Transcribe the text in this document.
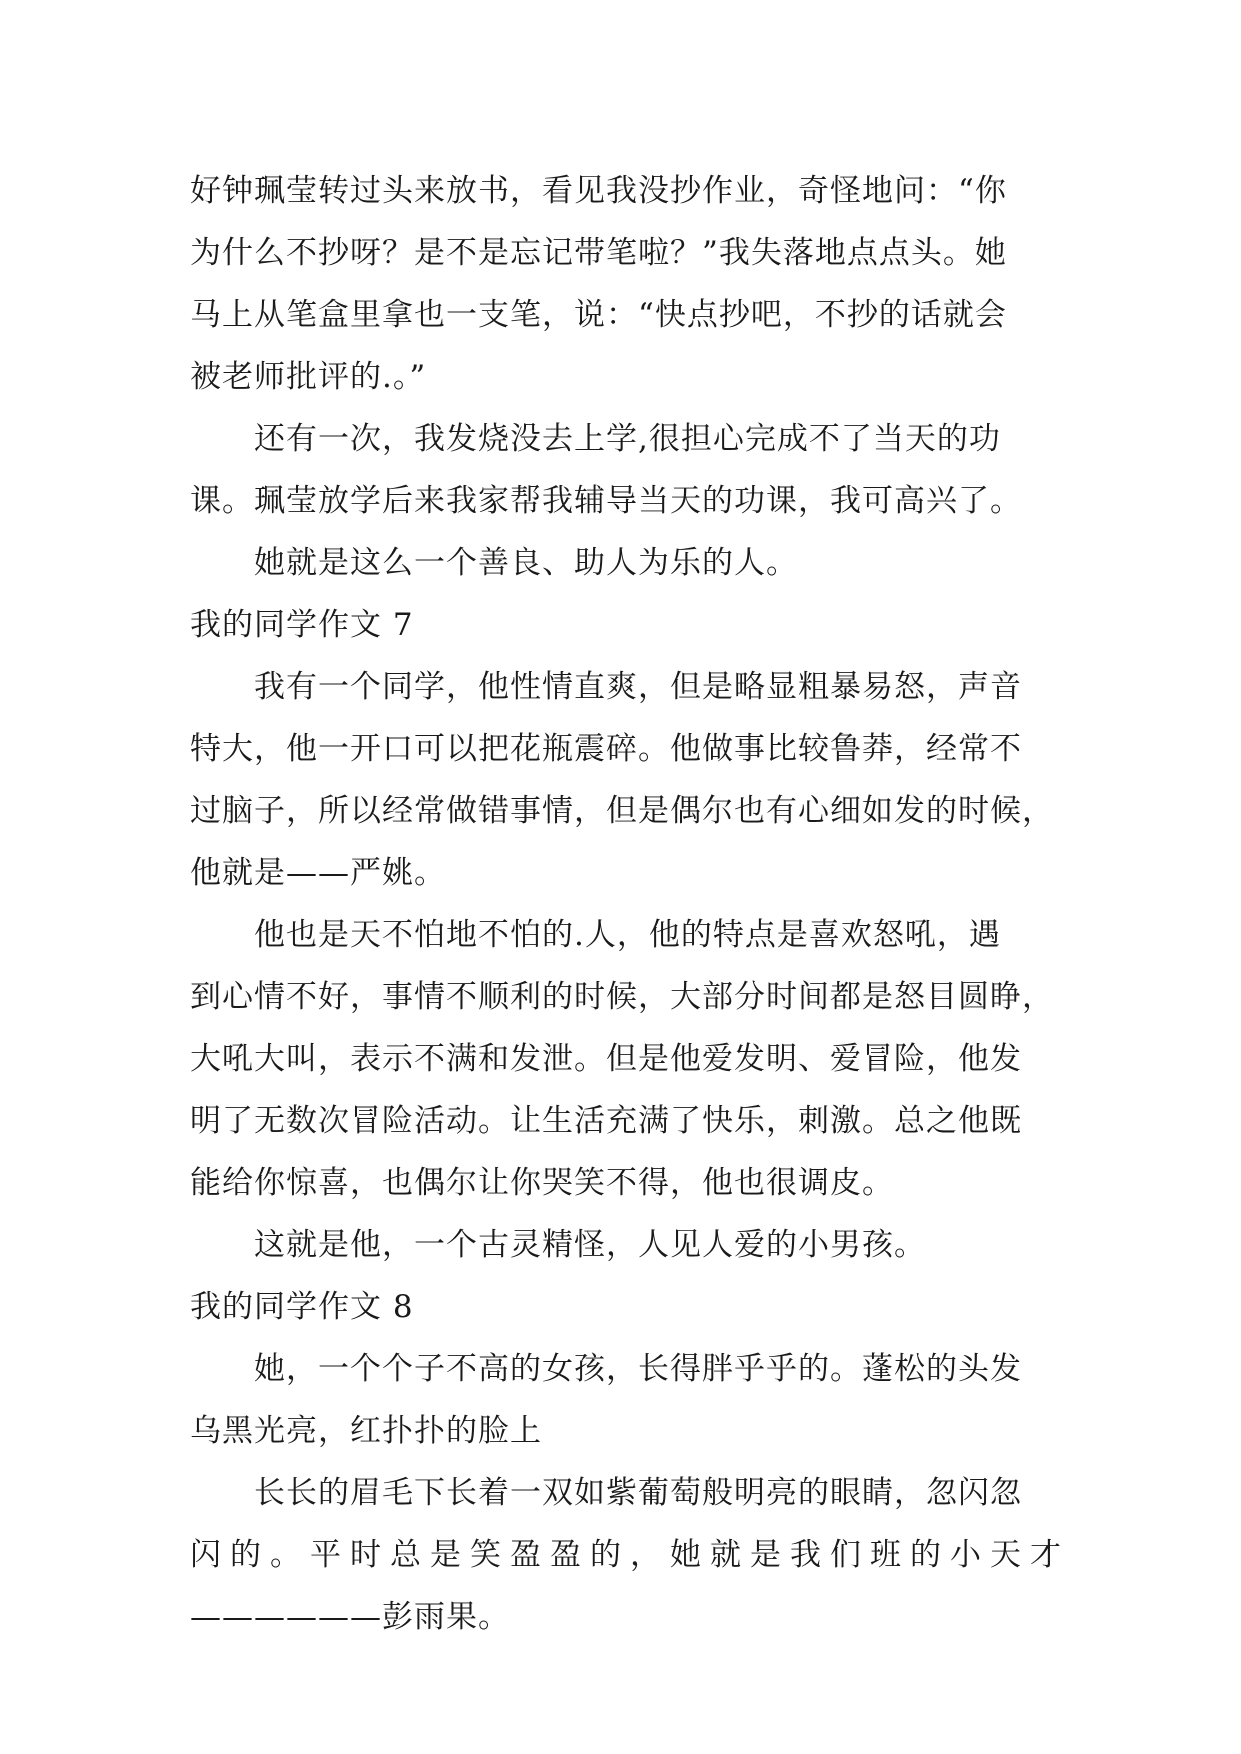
好钟珮莹转过头来放书，看见我没抄作业，奇怪地问：“你
为什么不抄呀？是不是忘记带笔啦？”我失落地点点头。她
马上从笔盒里拿也一支笔，说：“快点抄吧，不抄的话就会
被老师批评的.。”
还有一次，我发烧没去上学,很担心完成不了当天的功
课。珮莹放学后来我家帮我辅导当天的功课，我可高兴了。
她就是这么一个善良、助人为乐的人。
我的同学作文 7
我有一个同学，他性情直爽，但是略显粗暴易怒，声音
特大，他一开口可以把花瓶震碎。他做事比较鲁莽，经常不
过脑子，所以经常做错事情，但是偶尔也有心细如发的时候，
他就是——严姚。
他也是天不怕地不怕的.人，他的特点是喜欢怒吼，遇
到心情不好，事情不顺利的时候，大部分时间都是怒目圆睁，
大吼大叫，表示不满和发泄。但是他爱发明、爱冒险，他发
明了无数次冒险活动。让生活充满了快乐，刺激。总之他既
能给你惊喜，也偶尔让你哭笑不得，他也很调皮。
这就是他，一个古灵精怪，人见人爱的小男孩。
我的同学作文 8
她，一个个子不高的女孩，长得胖乎乎的。蓬松的头发
乌黑光亮，红扑扑的脸上
长长的眉毛下长着一双如紫葡萄般明亮的眼睛，忽闪忽
闪的。平时总是笑盈盈的，她就是我们班的小天才
——————彭雨果。
